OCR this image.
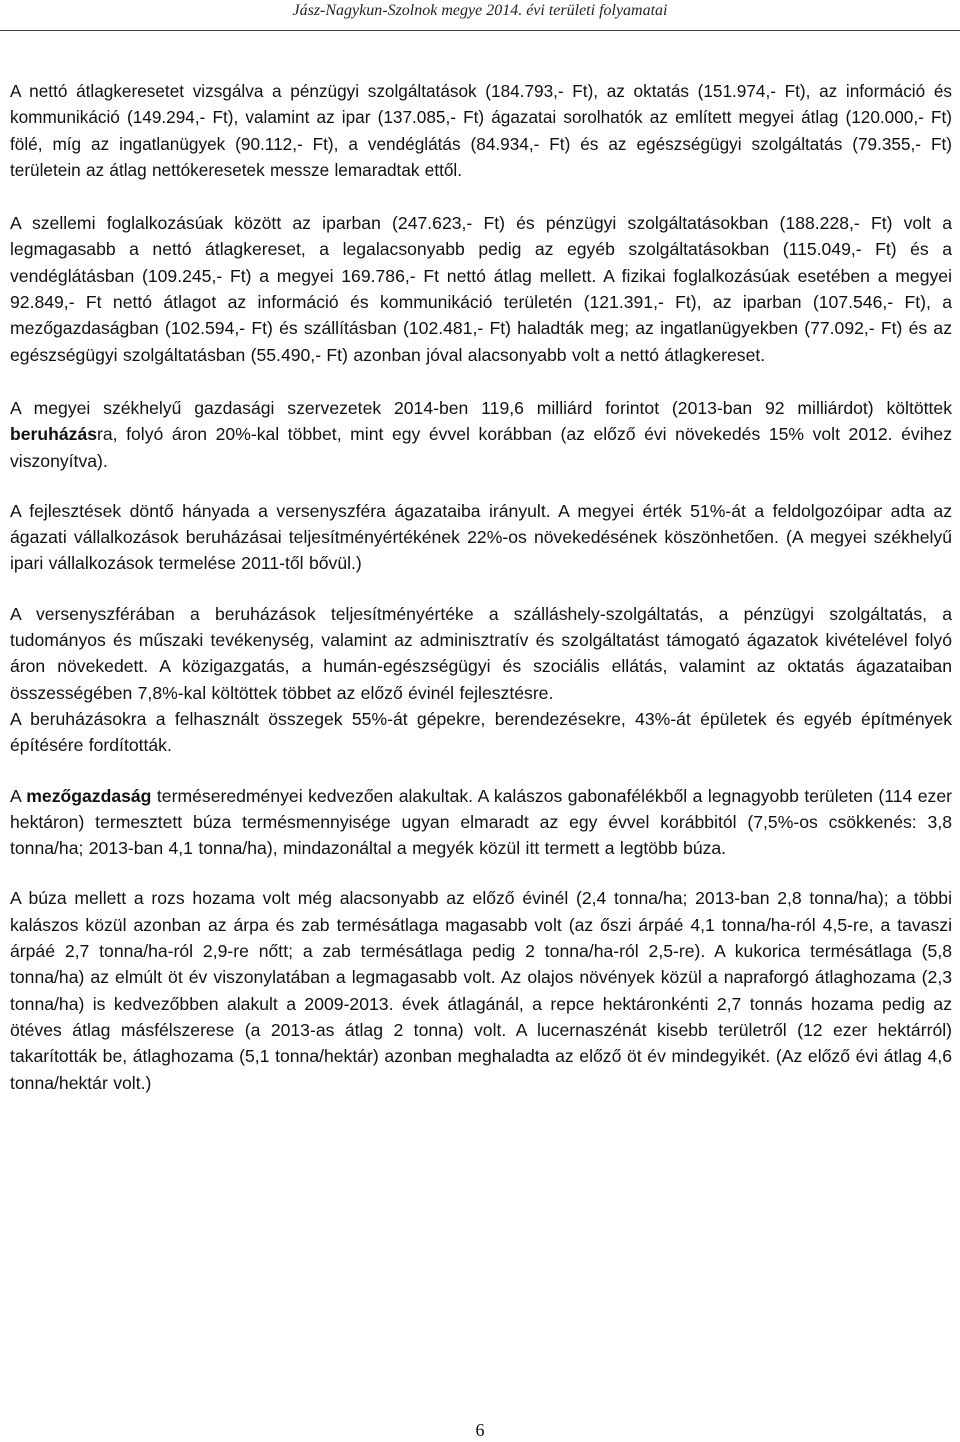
Jász-Nagykun-Szolnok megye 2014. évi területi folyamatai

A nettó átlagkeresetet vizsgálva a pénzügyi szolgáltatások (184.793,- Ft), az oktatás (151.974,- Ft), az információ és kommunikáció (149.294,- Ft), valamint az ipar (137.085,- Ft) ágazatai sorolhatók az említett megyei átlag (120.000,- Ft) fölé, míg az ingatlanügyek (90.112,- Ft), a vendéglátás (84.934,- Ft) és az egészségügyi szolgáltatás (79.355,- Ft) területein az átlag nettókeresetek messze lemaradtak ettől.

A szellemi foglalkozásúak között az iparban (247.623,- Ft) és pénzügyi szolgáltatásokban (188.228,- Ft) volt a legmagasabb a nettó átlagkereset, a legalacsonyabb pedig az egyéb szolgáltatásokban (115.049,- Ft) és a vendéglátásban (109.245,- Ft) a megyei 169.786,- Ft nettó átlag mellett. A fizikai foglalkozásúak esetében a megyei 92.849,- Ft nettó átlagot az információ és kommunikáció területén (121.391,- Ft), az iparban (107.546,- Ft), a mezőgazdaságban (102.594,- Ft) és szállításban (102.481,- Ft) haladták meg; az ingatlanügyekben (77.092,- Ft) és az egészségügyi szolgáltatásban (55.490,- Ft) azonban jóval alacsonyabb volt a nettó átlagkereset.

A megyei székhelyű gazdasági szervezetek 2014-ben 119,6 milliárd forintot (2013-ban 92 milliárdot) költöttek beruházásra, folyó áron 20%-kal többet, mint egy évvel korábban (az előző évi növekedés 15% volt 2012. évihez viszonyítva).

A fejlesztések döntő hányada a versenyszféra ágazataiba irányult. A megyei érték 51%-át a feldolgozóipar adta az ágazati vállalkozások beruházásai teljesítményértékének 22%-os növekedésének köszönhetően. (A megyei székhelyű ipari vállalkozások termelése 2011-től bővül.)

A versenyszférában a beruházások teljesítményértéke a szálláshely-szolgáltatás, a pénzügyi szolgáltatás, a tudományos és műszaki tevékenység, valamint az adminisztratív és szolgáltatást támogató ágazatok kivételével folyó áron növekedett. A közigazgatás, a humán-egészségügyi és szociális ellátás, valamint az oktatás ágazataiban összességében 7,8%-kal költöttek többet az előző évinél fejlesztésre.

A beruházásokra a felhasznált összegek 55%-át gépekre, berendezésekre, 43%-át épületek és egyéb építmények építésére fordították.

A mezőgazdaság terméseredményei kedvezően alakultak. A kalászos gabonafélékből a legnagyobb területen (114 ezer hektáron) termesztett búza termésmennyisége ugyan elmaradt az egy évvel korábbitól (7,5%-os csökkenés: 3,8 tonna/ha; 2013-ban 4,1 tonna/ha), mindazonáltal a megyék közül itt termett a legtöbb búza.

A búza mellett a rozs hozama volt még alacsonyabb az előző évinél (2,4 tonna/ha; 2013-ban 2,8 tonna/ha); a többi kalászos közül azonban az árpa és zab termésátlaga magasabb volt (az őszi árpáé 4,1 tonna/ha-ról 4,5-re, a tavaszi árpáé 2,7 tonna/ha-ról 2,9-re nőtt; a zab termésátlaga pedig 2 tonna/ha-ról 2,5-re). A kukorica termésátlaga (5,8 tonna/ha) az elmúlt öt év viszonylatában a legmagasabb volt. Az olajos növények közül a napraforgó átlaghozama (2,3 tonna/ha) is kedvezőbben alakult a 2009-2013. évek átlagánál, a repce hektáronkénti 2,7 tonnás hozama pedig az ötéves átlag másfélszerese (a 2013-as átlag 2 tonna) volt. A lucernaszénát kisebb területről (12 ezer hektárról) takarították be, átlaghozama (5,1 tonna/hektár) azonban meghaladta az előző öt év mindegyikét. (Az előző évi átlag 4,6 tonna/hektár volt.)

6
